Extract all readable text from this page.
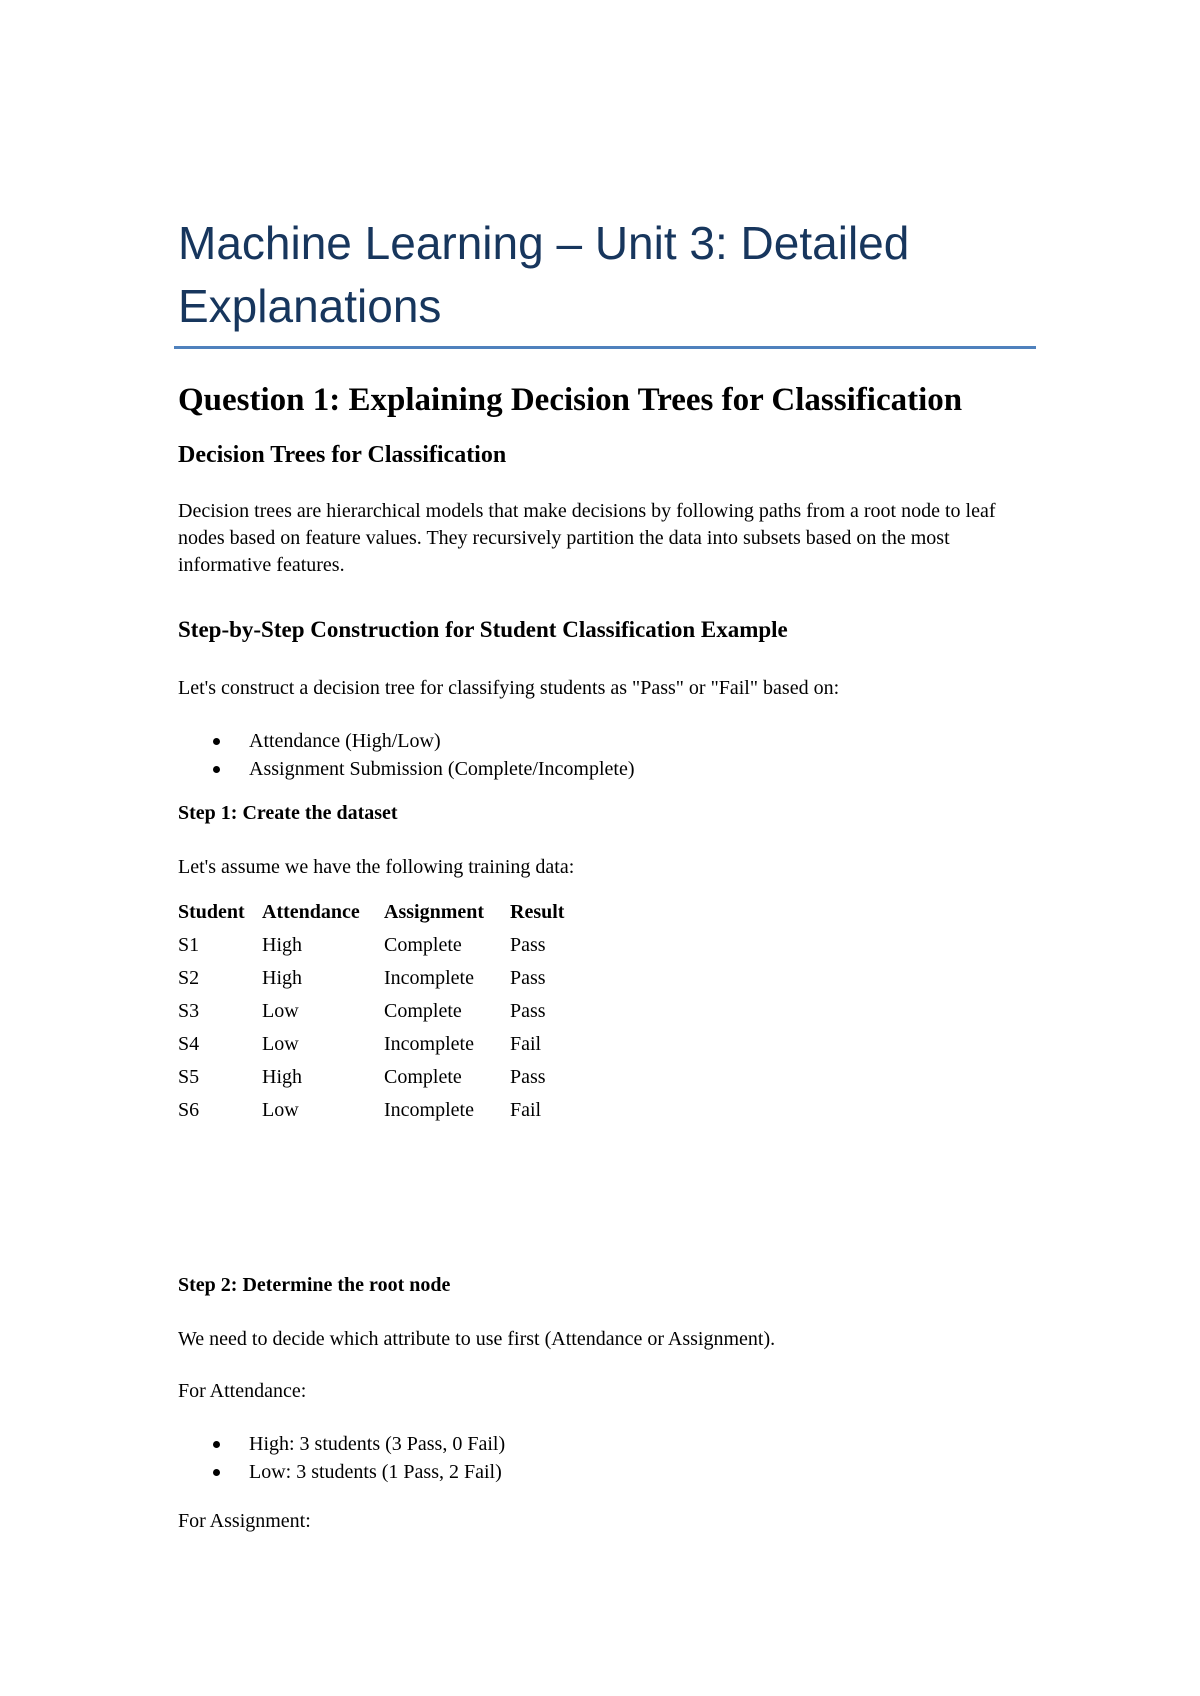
Machine Learning – Unit 3: Detailed Explanations
Question 1: Explaining Decision Trees for Classification
Decision Trees for Classification

Decision trees are hierarchical models that make decisions by following paths from a root node to leaf nodes based on feature values. They recursively partition the data into subsets based on the most informative features.

Step-by-Step Construction for Student Classification Example

Let's construct a decision tree for classifying students as "Pass" or "Fail" based on:

Attendance (High/Low)
Assignment Submission (Complete/Incomplete)
Step 1: Create the dataset

Let's assume we have the following training data:

Student	Attendance	Assignment	Result
S1	High	Complete	Pass
S2	High	Incomplete	Pass
S3	Low	Complete	Pass
S4	Low	Incomplete	Fail
S5	High	Complete	Pass
S6	Low	Incomplete	Fail
Step 2: Determine the root node

We need to decide which attribute to use first (Attendance or Assignment).

For Attendance:

High: 3 students (3 Pass, 0 Fail)
Low: 3 students (1 Pass, 2 Fail)

For Assignment:
